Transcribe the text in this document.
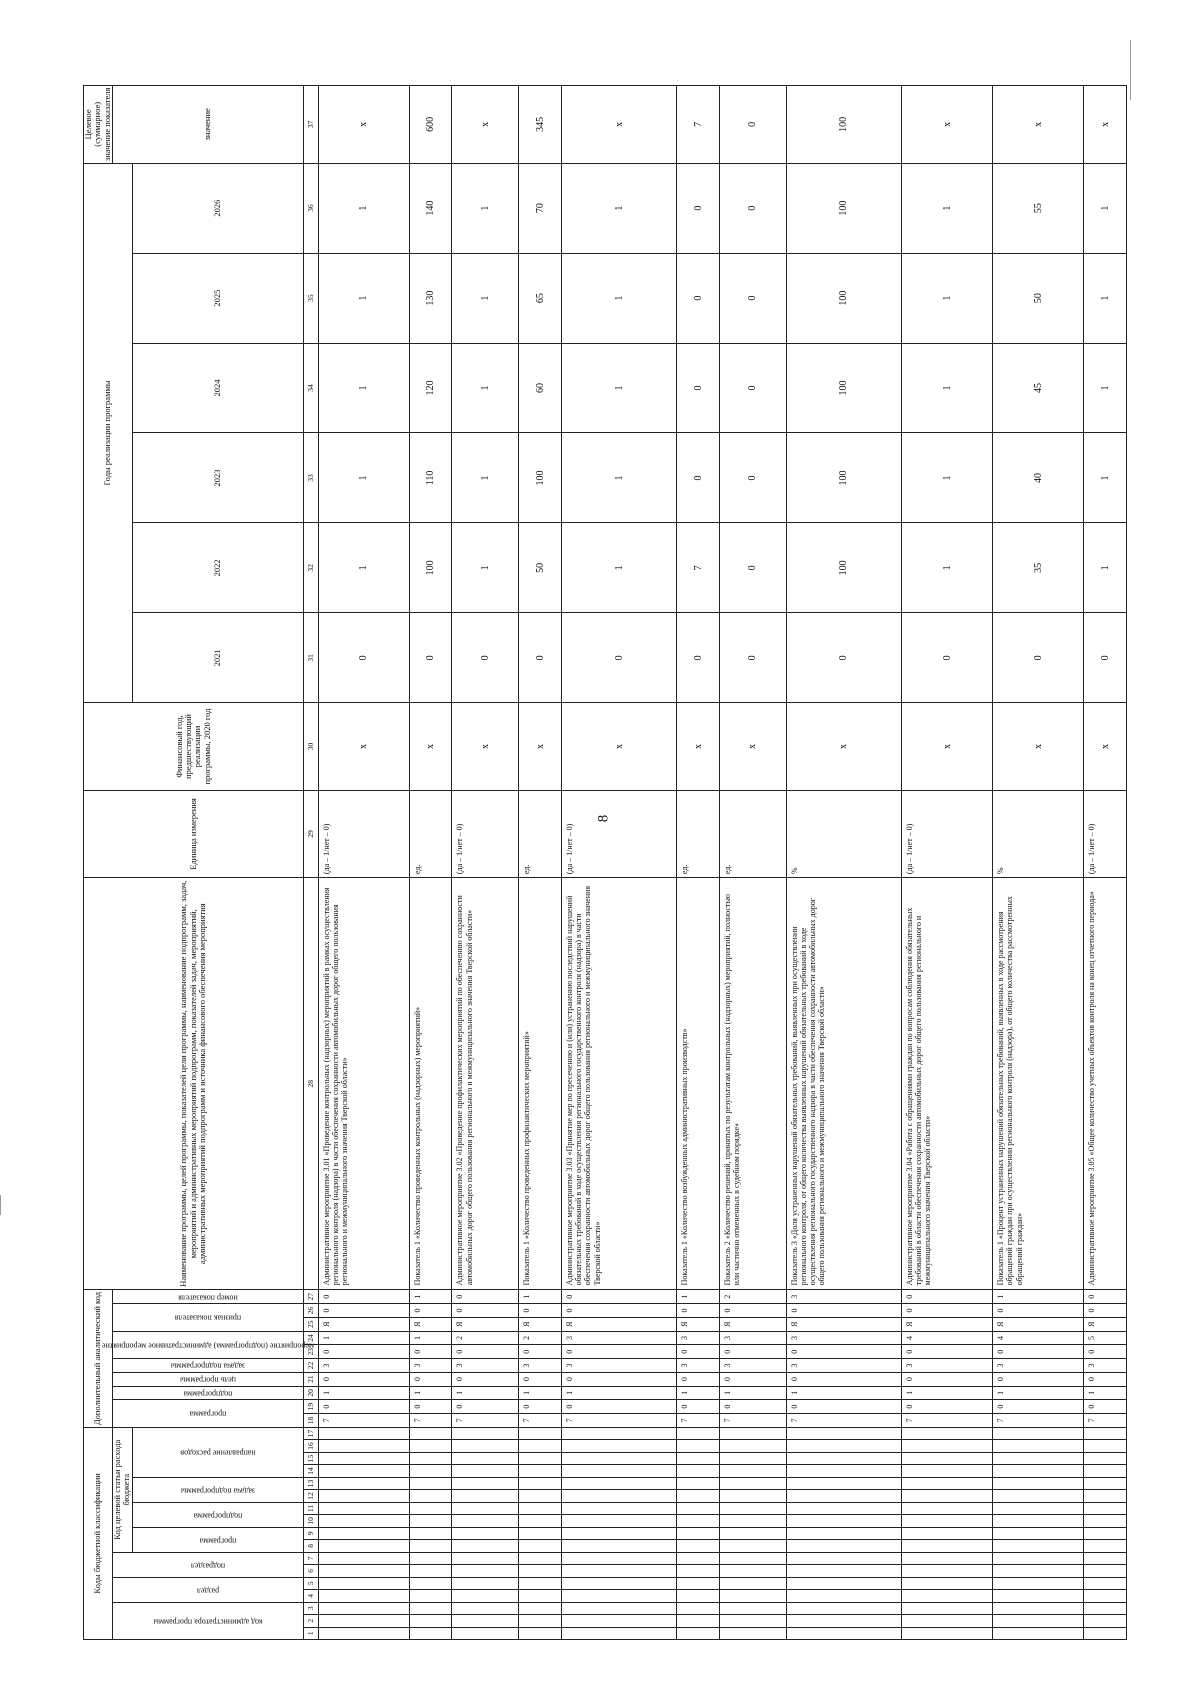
8
Коды бюджетной классификации																	Дополнительный аналитический код										Наименование программы, целей программы, показателей цели программы, наименование подпрограмм, задач, мероприятий и административных мероприятий подпрограмм, показателей задач, мероприятий, административных мероприятий подпрограмм и источника финансового обеспечения мероприятия	Единица измерения	Финансовый год, предшествующий реализации программы, 2020 год	Годы реализации программы						Целевое (суммарное) значение показателя

код администратора программы			раздел		подраздел		Код целевой статьи расхода бюджета										программа		подпрограмма	цель программы	задача подпрограммы	мероприятие (подпрограмма) административное мероприятие		признак показателя		номер показателя										значение

							программа		подпрограмма		задача подпрограммы		направление расходов																	2021	2022	2023	2024	2025	2026	
1	2	3	4	5	6	7	8	9	10	11	12	13	14	15	16	17	18	19	20	21	22	23	24	25	26	27	28	29	30	31	32	33	34	35	36	37
																	7	0	1	0	3	0	1	Я	0	0	Административное мероприятие 3.01 «Проведение контрольных (надзорных) мероприятий в рамках осуществления регионального контроля (надзора) в части обеспечения сохранности автомобильных дорог общего пользования регионального и межмуниципального значения Тверской области»	(да – 1/нет – 0)	х	0	1	1	1	1	1	х
																	7	0	1	0	3	0	1	Я	0	1	Показатель 1 «Количество проведенных контрольных (надзорных) мероприятий»	ед.	х	0	100	110	120	130	140	600
																	7	0	1	0	3	0	2	Я	0	0	Административное мероприятие 3.02 «Проведение профилактических мероприятий по обеспечению сохранности автомобильных дорог общего пользования регионального и межмуниципального значения Тверской области»	(да – 1/нет – 0)	х	0	1	1	1	1	1	х
																	7	0	1	0	3	0	2	Я	0	1	Показатель 1 «Количество проведенных профилактических мероприятий»	ед.	х	0	50	100	60	65	70	345
																	7	0	1	0	3	0	3	Я	0	0	Административное мероприятие 3.03 «Принятие мер по пресечению и (или) устранению последствий нарушений обязательных требований в ходе осуществления регионального государственного контроля (надзора) в части обеспечения сохранности автомобильных дорог общего пользования регионального и межмуниципального значения Тверской области»	(да – 1/нет – 0)	х	0	1	1	1	1	1	х
																	7	0	1	0	3	0	3	Я	0	1	Показатель 1 «Количество возбужденных административных производств»	ед.	х	0	7	0	0	0	0	7
																	7	0	1	0	3	0	3	Я	0	2	Показатель 2 «Количество решений, принятых по результатам контрольных (надзорных) мероприятий, полностью или частично отмененных в судебном порядке»	ед.	х	0	0	0	0	0	0	0
																	7	0	1	0	3	0	3	Я	0	3	Показатель 3 «Доля устраненных нарушений обязательных требований, выявленных при осуществлении регионального контроля, от общего количества выявленных нарушений обязательных требований в ходе осуществления регионального государственного надзора в части обеспечения сохранности автомобильных дорог общего пользования регионального и межмуниципального значения Тверской области»	%	х	0	100	100	100	100	100	100
																	7	0	1	0	3	0	4	Я	0	0	Административное мероприятие 3.04 «Работа с обращениями граждан по вопросам соблюдения обязательных требований в области обеспечения сохранности автомобильных дорог общего пользования регионального и межмуниципального значения Тверской области»	(да – 1/нет – 0)	х	0	1	1	1	1	1	х
																	7	0	1	0	3	0	4	Я	0	1	Показатель 1 «Процент устраненных нарушений обязательных требований, выявленных в ходе рассмотрения обращений граждан при осуществлении регионального контроля (надзора), от общего количества рассмотренных обращений граждан»	%	х	0	35	40	45	50	55	х
																	7	0	1	0	3	0	5	Я	0	0	Административное мероприятие 3.05 «Общее количество учетных объектов контроля на конец отчетного периода»	(да – 1/нет – 0)	х	0	1	1	1	1	1	х
